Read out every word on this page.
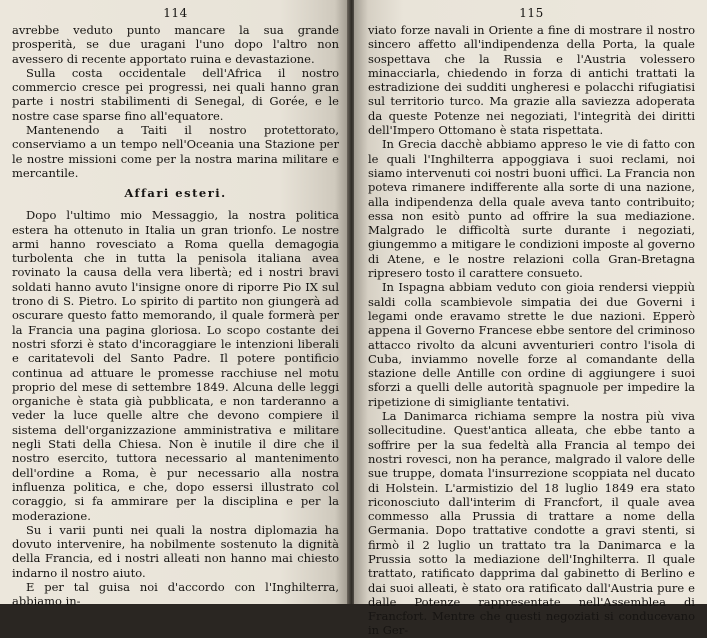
114

avrebbe veduto punto mancare la sua grande prosperità, se due uragani l'uno dopo l'altro non avessero di recente apportato ruina e devastazione.

Sulla costa occidentale dell'Africa il nostro commercio cresce pei progressi, nei quali hanno gran parte i nostri stabilimenti di Senegal, di Gorée, e le nostre case sparse fino all'equatore.

Mantenendo a Taiti il nostro protettorato, conserviamo a un tempo nell'Oceania una Stazione per le nostre missioni come per la nostra marina militare e mercantile.

Affari esteri.

Dopo l'ultimo mio Messaggio, la nostra politica estera ha ottenuto in Italia un gran trionfo. Le nostre armi hanno rovesciato a Roma quella demagogia turbolenta che in tutta la penisola italiana avea rovinato la causa della vera libertà; ed i nostri bravi soldati hanno avuto l'insigne onore di riporre Pio IX sul trono di S. Pietro. Lo spirito di partito non giungerà ad oscurare questo fatto memorando, il quale formerà per la Francia una pagina gloriosa. Lo scopo costante dei nostri sforzi è stato d'incoraggiare le intenzioni liberali e caritatevoli del Santo Padre. Il potere pontificio continua ad attuare le promesse racchiuse nel motu proprio del mese di settembre 1849. Alcuna delle leggi organiche è stata già pubblicata, e non tarderanno a veder la luce quelle altre che devono compiere il sistema dell'organizzazione amministrativa e militare negli Stati della Chiesa. Non è inutile il dire che il nostro esercito, tuttora necessario al mantenimento dell'ordine a Roma, è pur necessario alla nostra influenza politica, e che, dopo essersi illustrato col coraggio, si fa ammirare per la disciplina e per la moderazione.

Su i varii punti nei quali la nostra diplomazia ha dovuto intervenire, ha nobilmente sostenuto la dignità della Francia, ed i nostri alleati non hanno mai chiesto indarno il nostro aiuto.

E per tal guisa noi d'accordo con l'Inghilterra, abbiamo in-

115

viato forze navali in Oriente a fine di mostrare il nostro sincero affetto all'indipendenza della Porta, la quale sospettava che la Russia e l'Austria volessero minacciarla, chiedendo in forza di antichi trattati la estradizione dei sudditi ungheresi e polacchi rifugiatisi sul territorio turco. Ma grazie alla saviezza adoperata da queste Potenze nei negoziati, l'integrità dei diritti dell'Impero Ottomano è stata rispettata.

In Grecia dacchè abbiamo appreso le vie di fatto con le quali l'Inghilterra appoggiava i suoi reclami, noi siamo intervenuti coi nostri buoni uffici. La Francia non poteva rimanere indifferente alla sorte di una nazione, alla indipendenza della quale aveva tanto contribuito; essa non esitò punto ad offrire la sua mediazione. Malgrado le difficoltà surte durante i negoziati, giungemmo a mitigare le condizioni imposte al governo di Atene, e le nostre relazioni colla Gran-Bretagna ripresero tosto il carattere consueto.

In Ispagna abbiam veduto con gioia rendersi vieppiù saldi colla scambievole simpatia dei due Governi i legami onde eravamo strette le due nazioni. Epperò appena il Governo Francese ebbe sentore del criminoso attacco rivolto da alcuni avventurieri contro l'isola di Cuba, inviammo novelle forze al comandante della stazione delle Antille con ordine di aggiungere i suoi sforzi a quelli delle autorità spagnuole per impedire la ripetizione di simigliante tentativi.

La Danimarca richiama sempre la nostra più viva sollecitudine. Quest'antica alleata, che ebbe tanto a soffrire per la sua fedeltà alla Francia al tempo dei nostri rovesci, non ha perance, malgrado il valore delle sue truppe, domata l'insurrezione scoppiata nel ducato di Holstein. L'armistizio del 18 luglio 1849 era stato riconosciuto dall'interim di Francfort, il quale avea commesso alla Prussia di trattare a nome della Germania. Dopo trattative condotte a gravi stenti, si firmò il 2 luglio un trattato tra la Danimarca e la Prussia sotto la mediazione dell'Inghilterra. Il quale trattato, ratificato dapprima dal gabinetto di Berlino e dai suoi alleati, è stato ora ratificato dall'Austria pure e dalle Potenze rappresentate nell'Assemblea di Francfort. Mentre che questi negoziati si conducevano in Ger-
